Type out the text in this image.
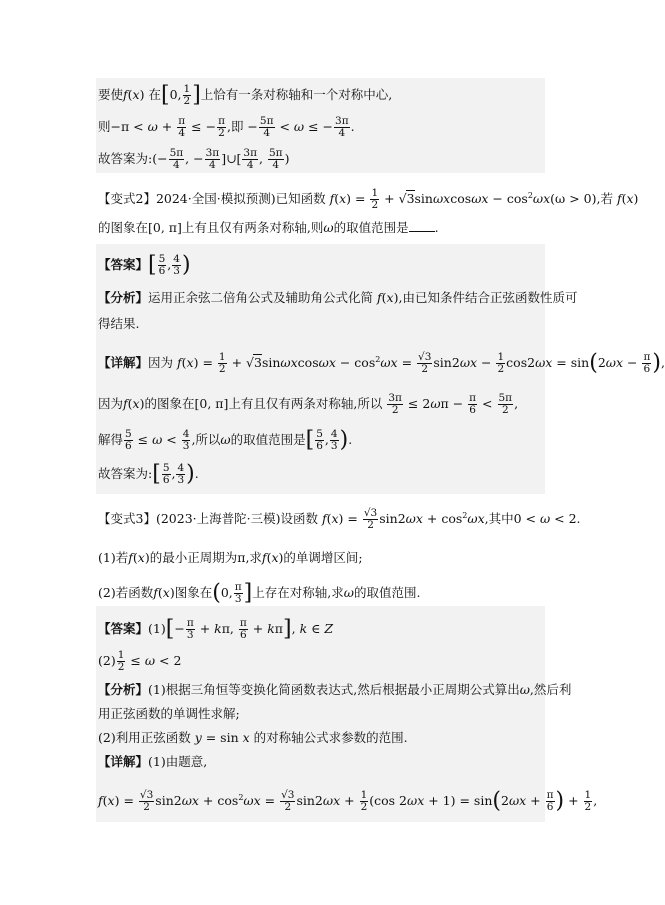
要使f(x) 在[0, $\frac{1}{2}$ ]上恰有一条对称轴和一个对称中心,
则$-\pi < \omega + \frac{\pi}{4}$ ≤ − $\frac{\pi}{2}$ ,即 − $\frac{5\pi}{4} < \omega$ ≤ − $\frac{3\pi}{4}$ .
故答案为:(− $\frac{5\pi}{4}$ , − $\frac{3\pi}{4}$ ]∪[ $\frac{3\pi}{4}$ , $\frac{5\pi}{4}$ )
【变式2】2024·全国·模拟预测)已知函数 $f(x) = \frac{1}{2} + √3\sin\omega xcos\omega x - \cos^2\omega x(\omega > 0)$,若 f(x)
的图象在[0, π]上有且仅有两条对称轴,则ω的取值范围是 .
【答案】[ $\frac{5}{6}$ , $\frac{4}{3}$ )
【分析】运用正余弦二倍角公式及辅助角公式化简 f(x),由已知条件结合正弦函数性质可
得结果.
【详解】因为 $f(x) = \frac{1}{2} + √3\sin\omega xcos\omega x - \cos^2\omega x = \frac{√3}{2} \sin 2\omega x - \frac{1}{2} \cos 2\omega x = \sin(2\omega x - \frac{\pi}{6}$ ),
因为f(x)的图象在[0, π]上有且仅有两条对称轴,所以 $\frac{3\pi}{2} \le 2\omega\pi - \frac{\pi}{6} < \frac{5\pi}{2}$ ,
解得 $\frac{5}{6} \le \omega < \frac{4}{3}$ ,所以ω的取值范围是[ $\frac{5}{6}$ , $\frac{4}{3}$ ).
故答案为:[ $\frac{5}{6}$ , $\frac{4}{3}$ ).
【变式3】(2023·上海普陀·三模)设函数 $f(x) = \frac{√3}{2} \sin 2\omega x + \cos^2\omega x$,其中0 < ω < 2.
(1)若f(x)的最小正周期为π,求f(x)的单调增区间;
(2)若函数f(x)图象在(0, $\frac{\pi}{3}$ ]上存在对称轴,求ω的取值范围.
【答案】$(1)[- \frac{\pi}{3} + k\pi$, $\frac{\pi}{6} + k\pi$], k ∈ Z
$(2) \frac{1}{2} \le \omega < 2$
【分析】(1)根据三角恒等变换化简函数表达式,然后根据最小正周期公式算出ω,然后利
用正弦函数的单调性求解;
(2)利用正弦函数 y = sin x 的对称轴公式求参数的范围.
【详解】(1)由题意,
$f(x) = \frac{√3}{2} \sin 2\omega x + \cos^2\omega x = \frac{√3}{2} \sin 2\omega x + \frac{1}{2} (\cos$ $2\omega x + 1) = \sin(2\omega x + \frac{\pi}{6}$ ) + $\frac{1}{2}$ ,
